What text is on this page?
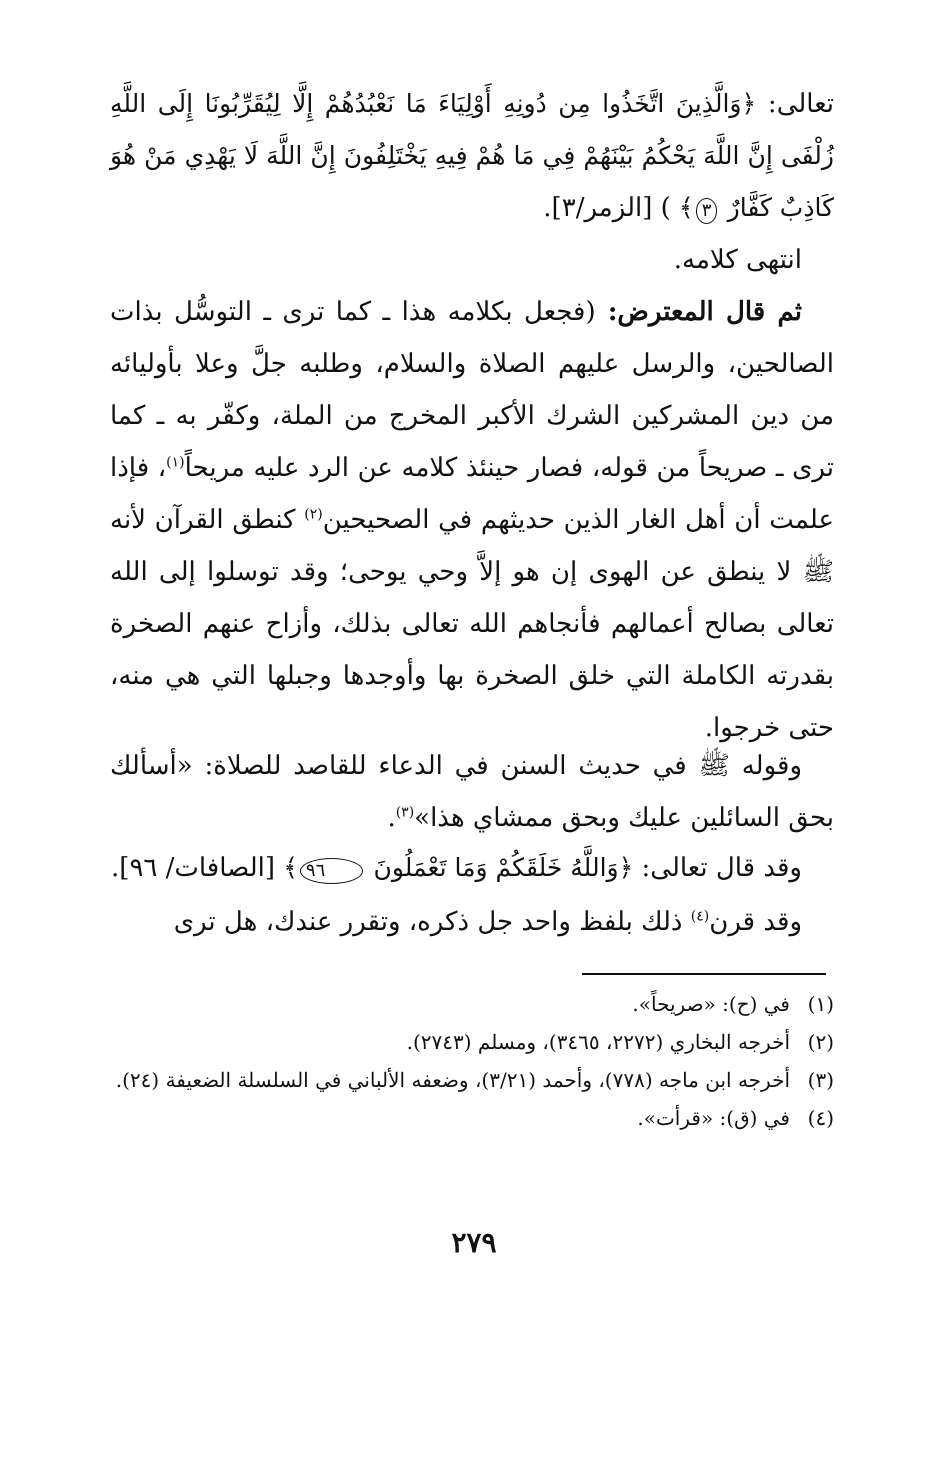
تعالى: ﴿وَالَّذِينَ اتَّخَذُوا مِن دُونِهِ أَوْلِيَاءَ مَا نَعْبُدُهُمْ إِلَّا لِيُقَرِّبُونَا إِلَى اللَّهِ زُلْفَى إِنَّ اللَّهَ يَحْكُمُ بَيْنَهُمْ فِي مَا هُمْ فِيهِ يَخْتَلِفُونَ إِنَّ اللَّهَ لَا يَهْدِي مَنْ هُوَ كَاذِبٌ كَفَّارٌ ٣﴾ ) [الزمر/٣].
انتهى كلامه.
ثم قال المعترض: (فجعل بكلامه هذا ـ كما ترى ـ التوسُّل بذات الصالحين، والرسل عليهم الصلاة والسلام، وطلبه جلَّ وعلا بأوليائه من دين المشركين الشرك الأكبر المخرج من الملة، وكفّر به ـ كما ترى ـ صريحاً من قوله، فصار حينئذ كلامه عن الرد عليه مريحاً$^{(١)}$، فإذا علمت أن أهل الغار الذين حديثهم في الصحيحين$^{(٢)}$ كنطق القرآن لأنه ﷺ لا ينطق عن الهوى إن هو إلاَّ وحي يوحى؛ وقد توسلوا إلى الله تعالى بصالح أعمالهم فأنجاهم الله تعالى بذلك، وأزاح عنهم الصخرة بقدرته الكاملة التي خلق الصخرة بها وأوجدها وجبلها التي هي منه، حتى خرجوا.
وقوله ﷺ في حديث السنن في الدعاء للقاصد للصلاة: «أسألك بحق السائلين عليك وبحق ممشاي هذا»$^{(٣)}$.
وقد قال تعالى: ﴿وَاللَّهُ خَلَقَكُمْ وَمَا تَعْمَلُونَ ٩٦﴾ [الصافات/ ٩٦].
وقد قرن$^{(٤)}$ ذلك بلفظ واحد جل ذكره، وتقرر عندك، هل ترى
(١)
في (ح): «صريحاً».
(٢)
أخرجه البخاري (٢٢٧٢، ٣٤٦٥)، ومسلم (٢٧٤٣).
(٣)
أخرجه ابن ماجه (٧٧٨)، وأحمد (٣/٢١)، وضعفه الألباني في السلسلة الضعيفة (٢٤).
(٤)
في (ق): «قرأت».
٢٧٩
